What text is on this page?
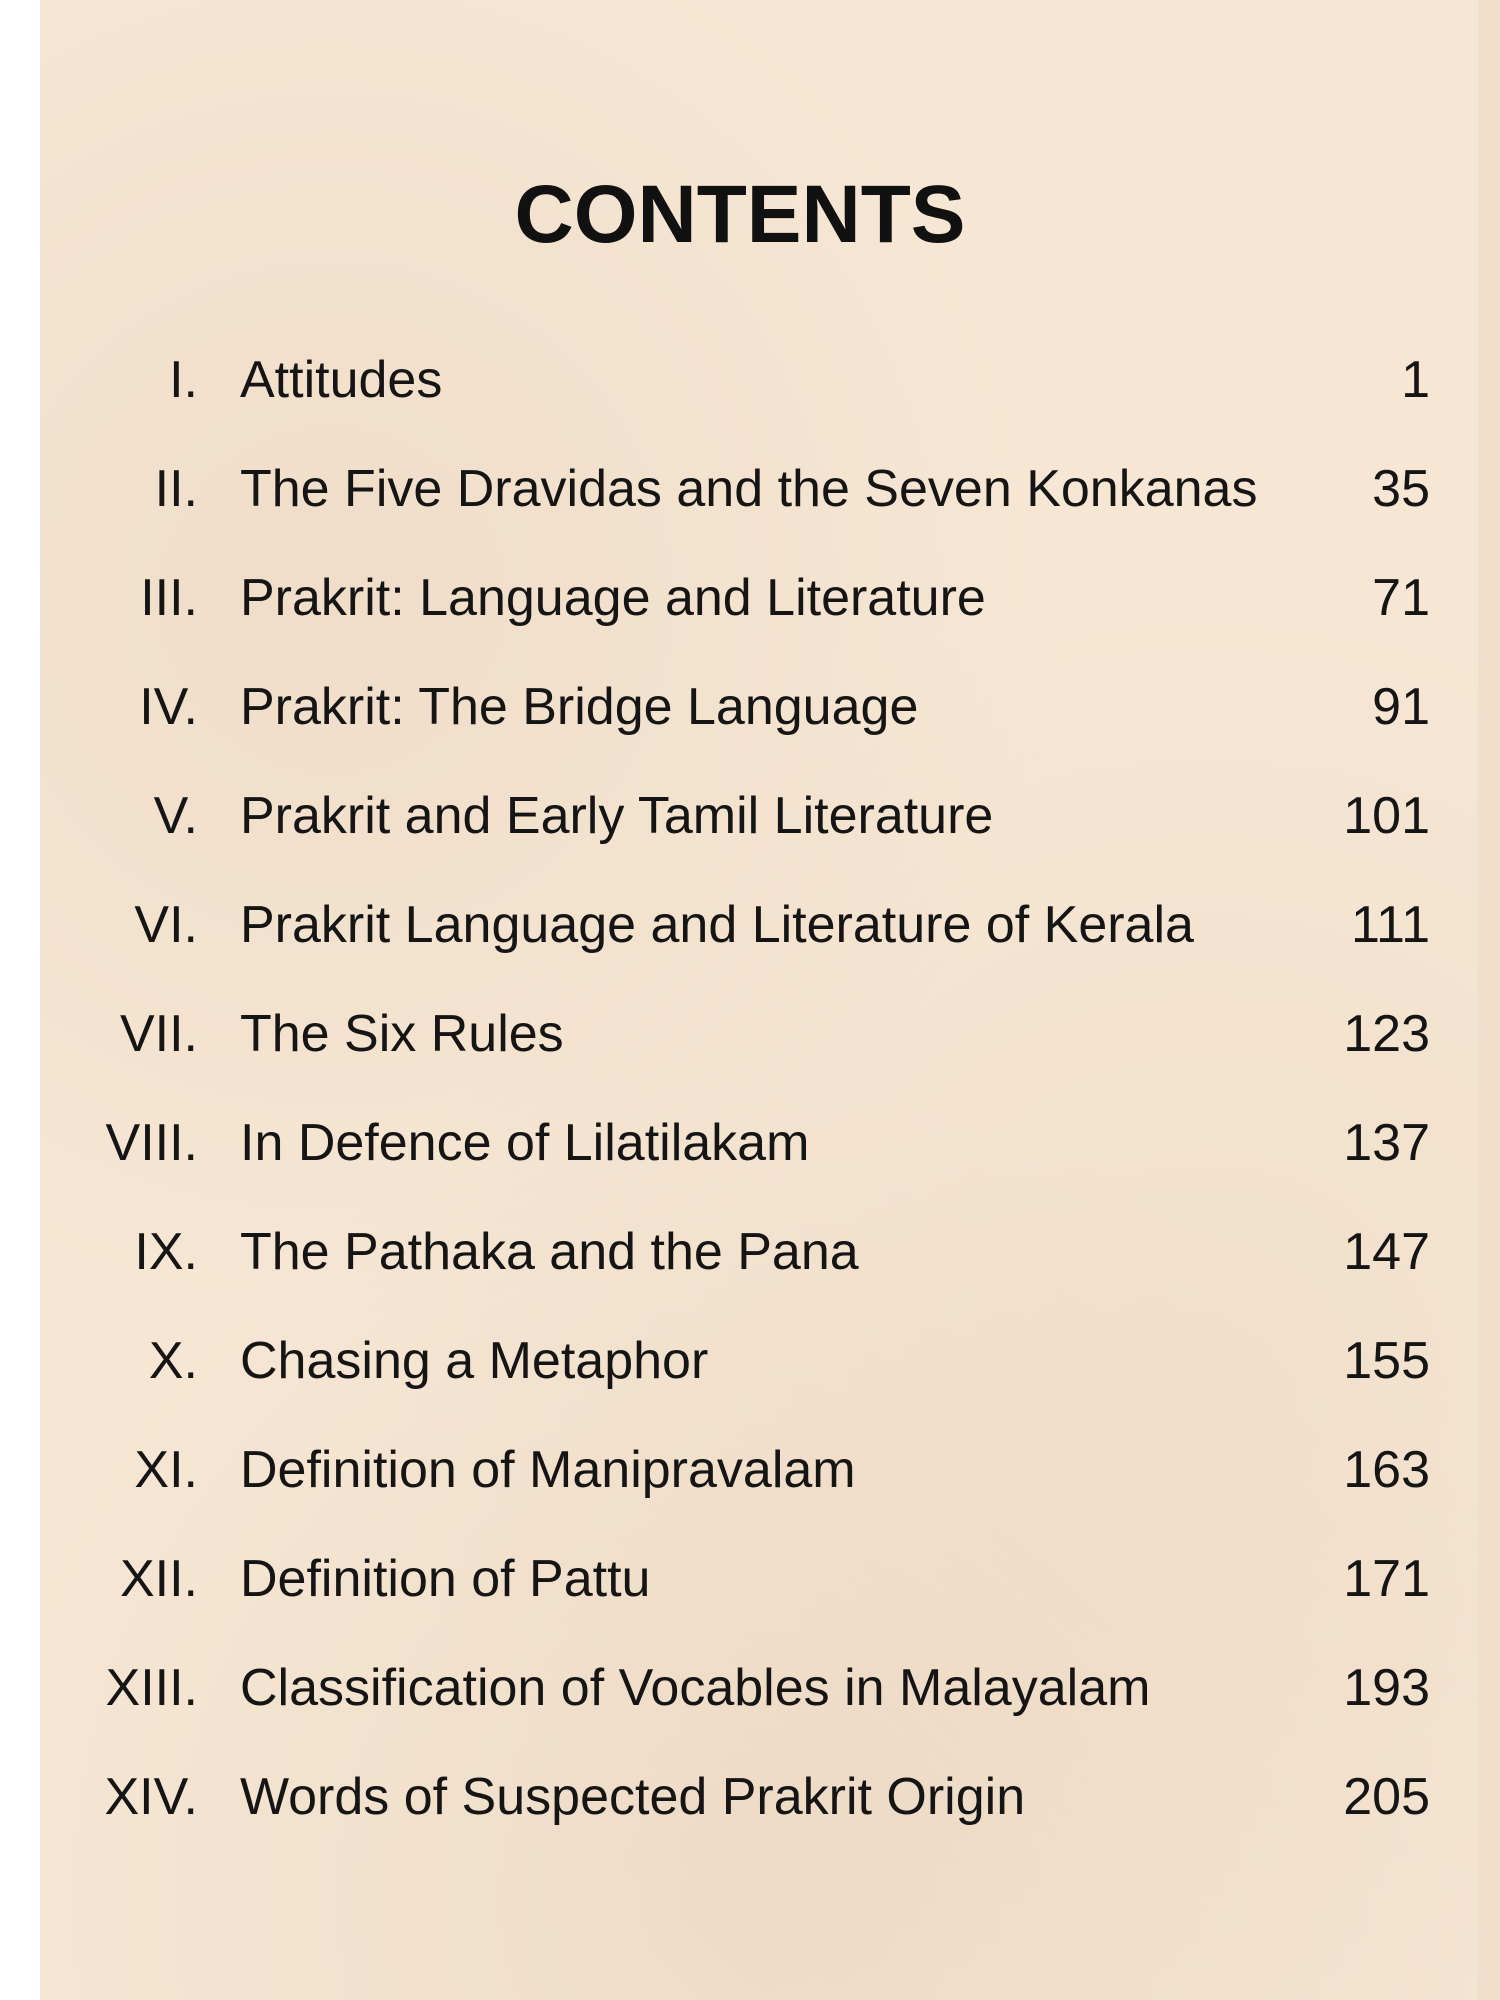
CONTENTS
I. Attitudes	1
II. The Five Dravidas and the Seven Konkanas	35
III. Prakrit: Language and Literature	71
IV. Prakrit: The Bridge Language	91
V. Prakrit and Early Tamil Literature	101
VI. Prakrit Language and Literature of Kerala	111
VII. The Six Rules	123
VIII. In Defence of Lilatilakam	137
IX. The Pathaka and the Pana	147
X. Chasing a Metaphor	155
XI. Definition of Manipravalam	163
XII. Definition of Pattu	171
XIII. Classification of Vocables in Malayalam	193
XIV. Words of Suspected Prakrit Origin	205
